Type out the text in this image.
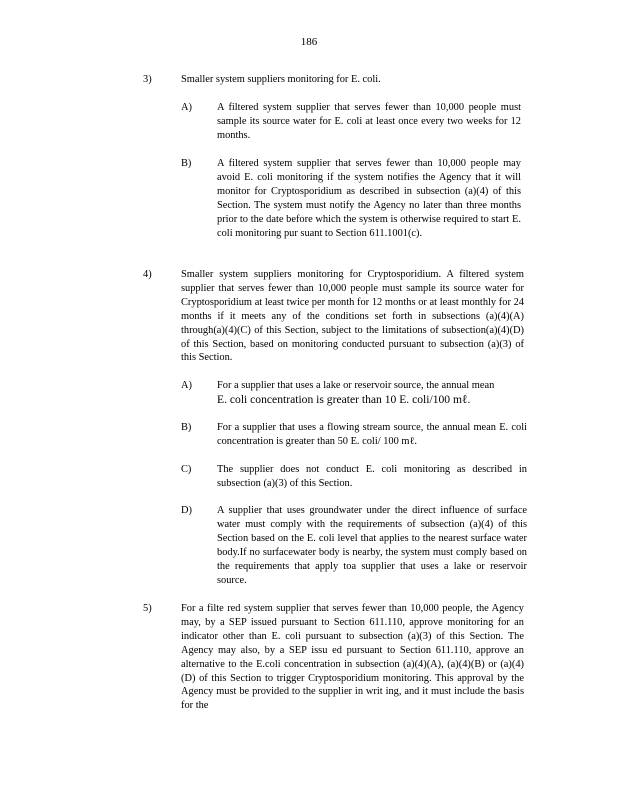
186
3)	Smaller system suppliers monitoring for E. coli.
A) A filtered system supplier that serves fewer than 10,000 people must sample its source water for E. coli at least once every two weeks for 12 months.
B) A filtered system supplier that serves fewer than 10,000 people may avoid E. coli monitoring if the system notifies the Agency that it will monitor for Cryptosporidium as described in subsection (a)(4) of this Section. The system must notify the Agency no later than three months prior to the date before which the system is otherwise required to start E. coli monitoring pur suant to Section 611.1001(c).
4)	Smaller system suppliers monitoring for Cryptosporidium. A filtered system supplier that serves fewer than 10,000 people must sample its source water for Cryptosporidium at least twice per month for 12 months or at least monthly for 24 months if it meets any of the conditions set forth in subsections (a)(4)(A) through(a)(4)(C) of this Section, subject to the limitations of subsection(a)(4)(D) of this Section, based on monitoring conducted pursuant to subsection (a)(3) of this Section.
A) For a supplier that uses a lake or reservoir source, the annual mean
E. coli concentration is greater than 10 E. coli/100 mℓ.
B) For a supplier that uses a flowing stream source, the annual mean E. coli concentration is greater than 50 E. coli/ 100 mℓ.
C) The supplier does not conduct E. coli monitoring as described in subsection (a)(3) of this Section.
D) A supplier that uses groundwater under the direct influence of surface water must comply with the requirements of subsection (a)(4) of this Section based on the E. coli level that applies to the nearest surface water body.If no surfacewater body is nearby, the system must comply based on the requirements that apply toa supplier that uses a lake or reservoir source.
5)	For a filte red system supplier that serves fewer than 10,000 people, the Agency may, by a SEP issued pursuant to Section 611.110, approve monitoring for an indicator other than E. coli pursuant to subsection (a)(3) of this Section. The Agency may also, by a SEP issu ed pursuant to Section 611.110, approve an alternative to the E.coli concentration in subsection (a)(4)(A), (a)(4)(B) or (a)(4)(D) of this Section to trigger Cryptosporidium monitoring. This approval by the Agency must be provided to the supplier in writ ing, and it must include the basis for the
